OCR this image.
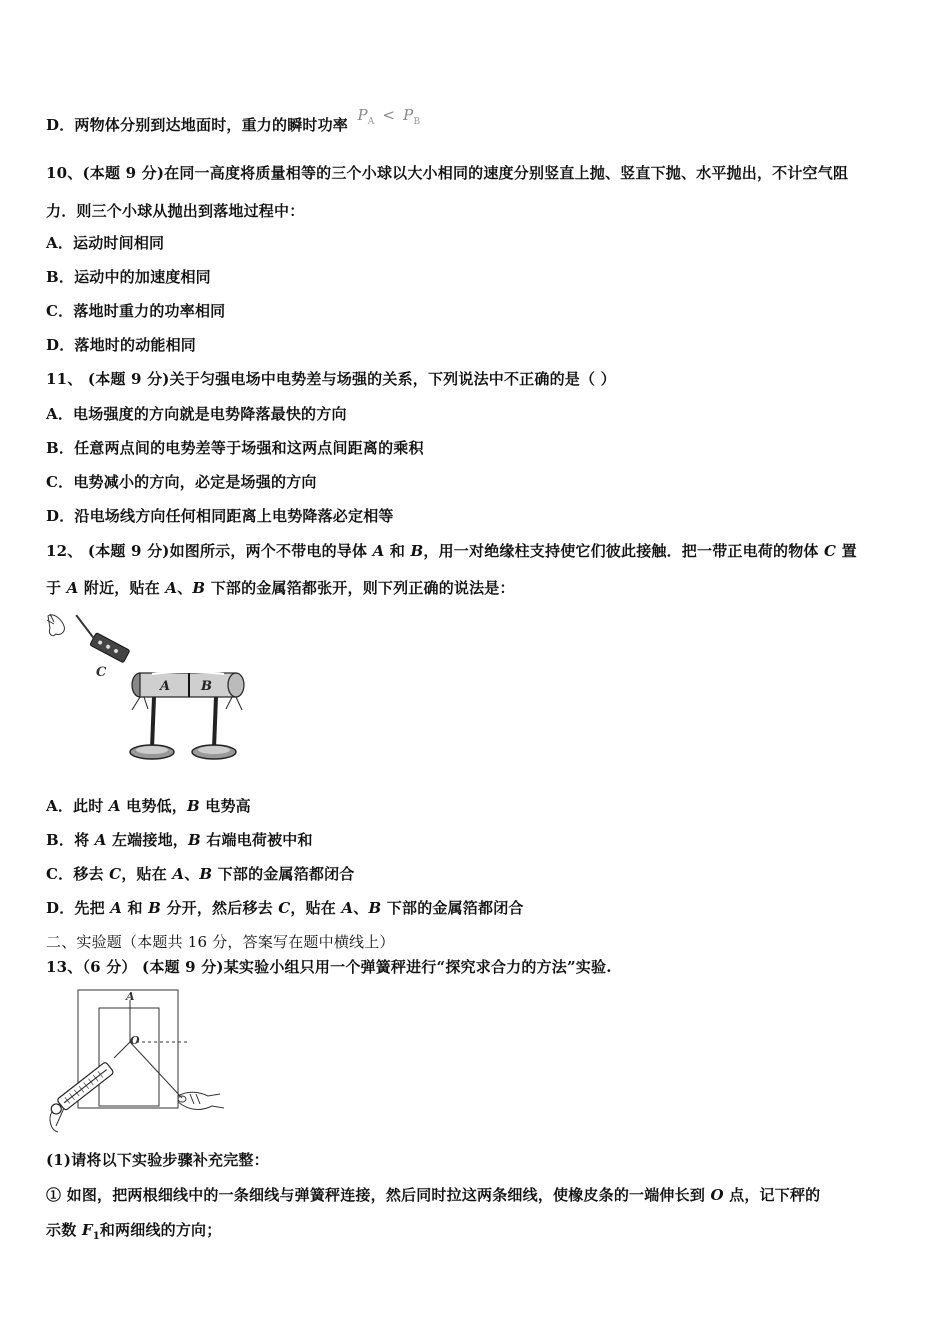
D．两物体分别到达地面时，重力的瞬时功率 $P_A < P_B$
10、(本题 9 分)在同一高度将质量相等的三个小球以大小相同的速度分别竖直上抛、竖直下抛、水平抛出，不计空气阻
力．则三个小球从抛出到落地过程中：
A．运动时间相同
B．运动中的加速度相同
C．落地时重力的功率相同
D．落地时的动能相同
11、 (本题 9 分)关于匀强电场中电势差与场强的关系，下列说法中不正确的是（ ）
A．电场强度的方向就是电势降落最快的方向
B．任意两点间的电势差等于场强和这两点间距离的乘积
C．电势减小的方向，必定是场强的方向
D．沿电场线方向任何相同距离上电势降落必定相等
12、 (本题 9 分)如图所示，两个不带电的导体 A 和 B，用一对绝缘柱支持使它们彼此接触．把一带正电荷的物体 C 置
于 A 附近，贴在 A、B 下部的金属箔都张开，则下列正确的说法是：
C
A B
A．此时 A 电势低，B 电势高
B．将 A 左端接地，B 右端电荷被中和
C．移去 C，贴在 A、B 下部的金属箔都闭合
D．先把 A 和 B 分开，然后移去 C，贴在 A、B 下部的金属箔都闭合
二、实验题（本题共 16 分，答案写在题中横线上）
13、（6 分） (本题 9 分)某实验小组只用一个弹簧秤进行“探究求合力的方法”实验.
A
O
(1)请将以下实验步骤补充完整：
① 如图，把两根细线中的一条细线与弹簧秤连接，然后同时拉这两条细线，使橡皮条的一端伸长到 O 点，记下秤的
示数 $F_1$和两细线的方向；
